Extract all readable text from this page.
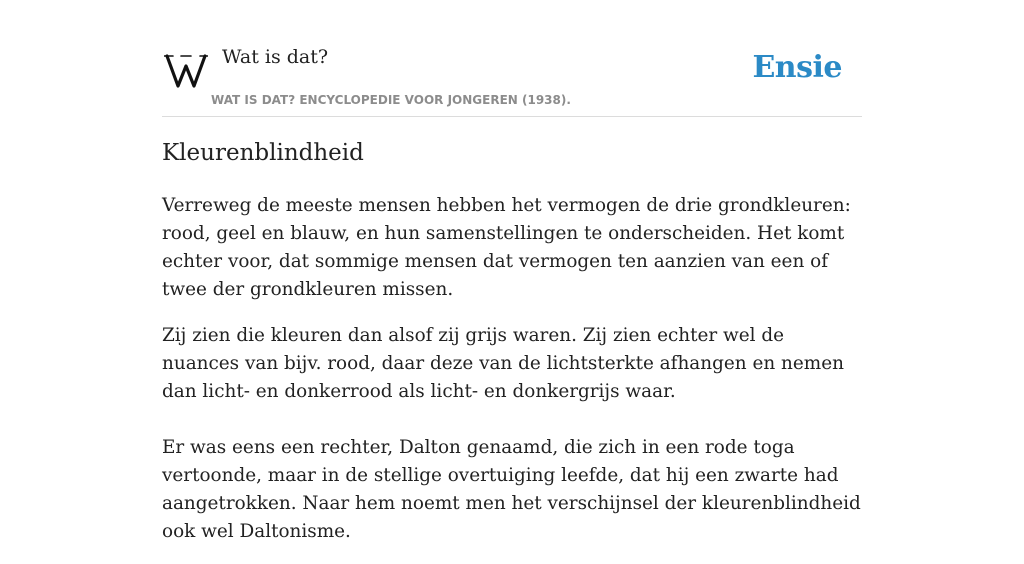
Wat is dat?	Ensie
WAT IS DAT? ENCYCLOPEDIE VOOR JONGEREN (1938).
Kleurenblindheid

Verreweg de meeste mensen hebben het vermogen de drie grondkleuren: rood, geel en blauw, en hun samenstellingen te onderscheiden. Het komt echter voor, dat sommige mensen dat vermogen ten aanzien van een of twee der grondkleuren missen.

Zij zien die kleuren dan alsof zij grijs waren. Zij zien echter wel de nuances van bijv. rood, daar deze van de lichtsterkte afhangen en nemen dan licht- en donkerrood als licht- en donkergrijs waar.

Er was eens een rechter, Dalton genaamd, die zich in een rode toga vertoonde, maar in de stellige overtuiging leefde, dat hij een zwarte had aangetrokken. Naar hem noemt men het verschijnsel der kleurenblindheid ook wel Daltonisme.
